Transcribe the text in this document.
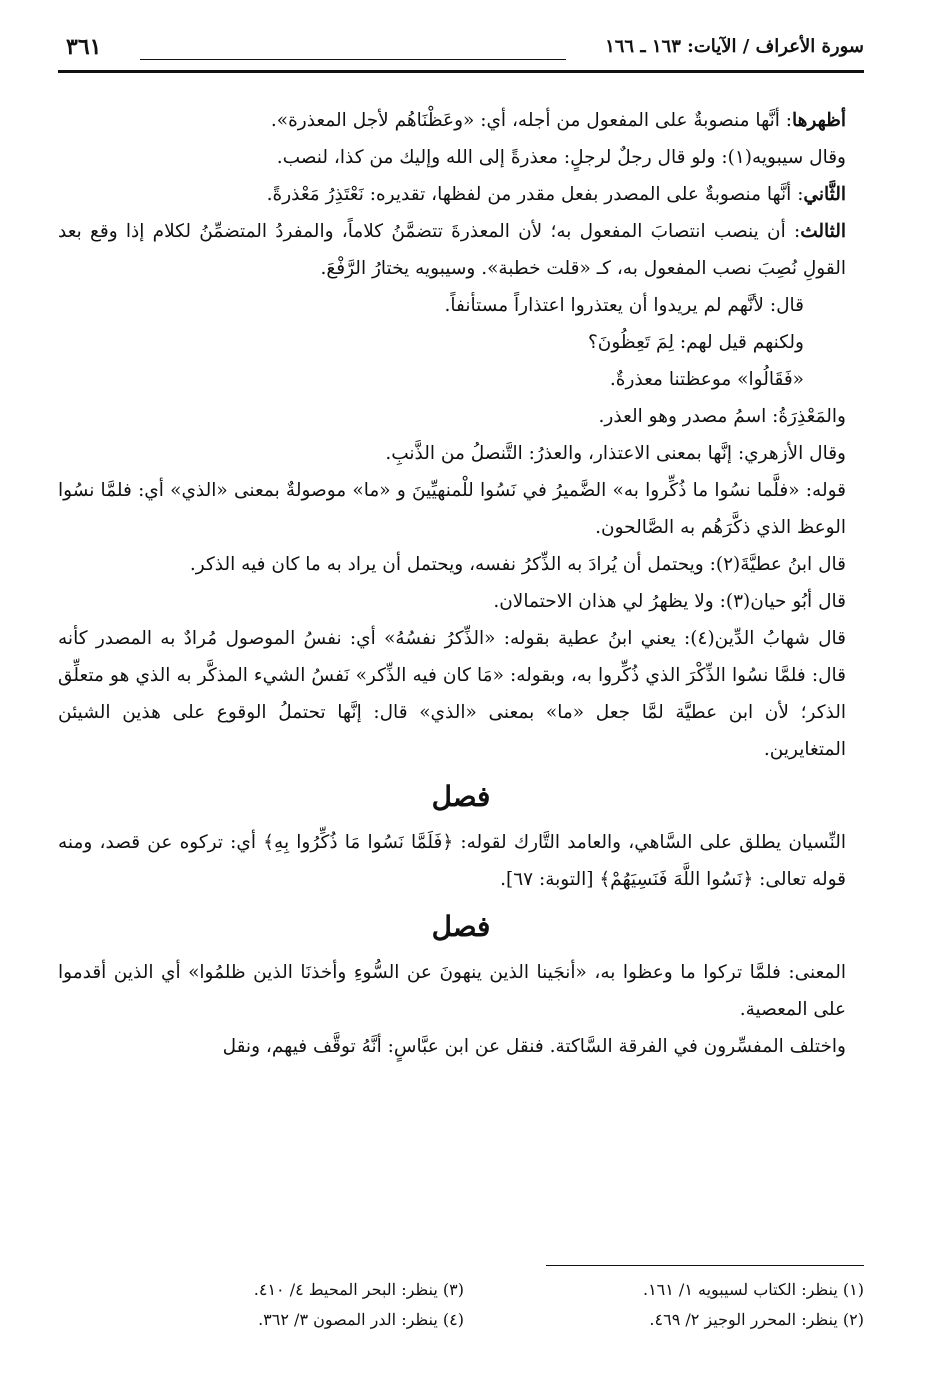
سورة الأعراف / الآيات: ١٦٣ ـ ١٦٦
٣٦١

أظهرها: أنَّها منصوبةٌ على المفعول من أجله، أي: «وعَظْنَاهُم لأجل المعذرة».

وقال سيبويه(١): ولو قال رجلٌ لرجلٍ: معذرةً إلى الله وإليك من كذا، لنصب.

الثَّاني: أنَّها منصوبةٌ على المصدر بفعل مقدر من لفظها، تقديره: نَعْتَذِرُ مَعْذرةً.

الثالث: أن ينصب انتصابَ المفعول به؛ لأن المعذرةَ تتضمَّنُ كلاماً، والمفردُ المتضمِّنُ لكلام إذا وقع بعد القولِ نُصِبَ نصب المفعول به، كـ «قلت خطبة». وسيبويه يختارُ الرَّفْعَ.

قال: لأنَّهم لم يريدوا أن يعتذروا اعتذاراً مستأنفاً.

ولكنهم قيل لهم: لِمَ تَعِظُونَ؟

«فَقَالُوا» موعظتنا معذرةٌ.

والمَعْذِرَةُ: اسمُ مصدر وهو العذر.

وقال الأزهري: إنَّها بمعنى الاعتذار، والعذرُ: التَّنصلُ من الذَّنبِ.

قوله: «فلَّما نسُوا ما ذُكِّروا به» الضَّميرُ في نَسُوا للْمنهيِّينَ و «ما» موصولةٌ بمعنى «الذي» أي: فلمَّا نسُوا الوعظ الذي ذكَّرَهُم به الصَّالحون.

قال ابنُ عطيَّةَ(٢): ويحتمل أن يُرادَ به الذِّكرُ نفسه، ويحتمل أن يراد به ما كان فيه الذكر.

قال أبُو حيان(٣): ولا يظهرُ لي هذان الاحتمالان.

قال شهابُ الدِّين(٤): يعني ابنُ عطية بقوله: «الذِّكرُ نفسُهُ» أي: نفسُ الموصول مُرادٌ به المصدر كأنه قال: فلمَّا نسُوا الذِّكْرَ الذي ذُكِّروا به، وبقوله: «مَا كان فيه الذِّكر» نَفسُ الشيء المذكَّر به الذي هو متعلِّق الذكر؛ لأن ابن عطيَّة لمَّا جعل «ما» بمعنى «الذي» قال: إنَّها تحتملُ الوقوع على هذين الشيئن المتغايرين.

فصل

النِّسيان يطلق على السَّاهي، والعامد التَّارك لقوله: ﴿فَلَمَّا نَسُوا مَا ذُكِّرُوا بِهِ﴾ أي: تركوه عن قصد، ومنه قوله تعالى: ﴿نَسُوا اللَّهَ فَنَسِيَهُمْ﴾ [التوبة: ٦٧].

فصل

المعنى: فلمَّا تركوا ما وعظوا به، «أنجَينا الذين ينهونَ عن السُّوءِ وأخذنَا الذين ظلمُوا» أي الذين أقدموا على المعصية.

واختلف المفسِّرون في الفرقة السَّاكتة. فنقل عن ابن عبَّاسٍ: أنَّهُ توقَّف فيهم، ونقل

(١) ينظر: الكتاب لسيبويه ١/ ١٦١.
(٢) ينظر: المحرر الوجيز ٢/ ٤٦٩.
(٣) ينظر: البحر المحيط ٤/ ٤١٠.
(٤) ينظر: الدر المصون ٣/ ٣٦٢.
